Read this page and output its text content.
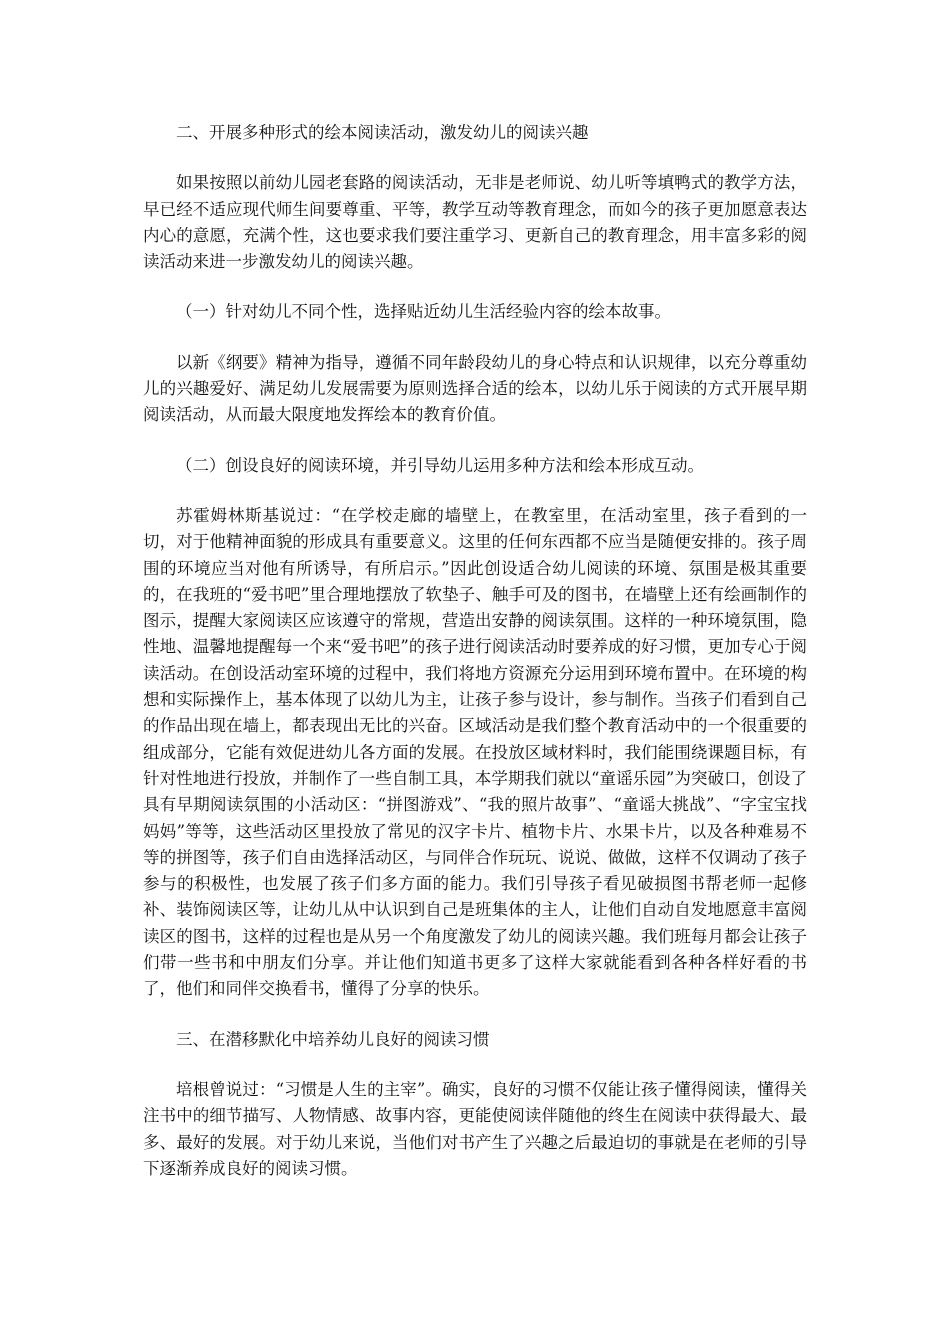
二、开展多种形式的绘本阅读活动，激发幼儿的阅读兴趣

如果按照以前幼儿园老套路的阅读活动，无非是老师说、幼儿听等填鸭式的教学方法，早已经不适应现代师生间要尊重、平等，教学互动等教育理念，而如今的孩子更加愿意表达内心的意愿，充满个性，这也要求我们要注重学习、更新自己的教育理念，用丰富多彩的阅读活动来进一步激发幼儿的阅读兴趣。

（一）针对幼儿不同个性，选择贴近幼儿生活经验内容的绘本故事。

以新《纲要》精神为指导，遵循不同年龄段幼儿的身心特点和认识规律，以充分尊重幼儿的兴趣爱好、满足幼儿发展需要为原则选择合适的绘本，以幼儿乐于阅读的方式开展早期阅读活动，从而最大限度地发挥绘本的教育价值。

（二）创设良好的阅读环境，并引导幼儿运用多种方法和绘本形成互动。

苏霍姆林斯基说过：“在学校走廊的墙壁上，在教室里，在活动室里，孩子看到的一切，对于他精神面貌的形成具有重要意义。这里的任何东西都不应当是随便安排的。孩子周围的环境应当对他有所诱导，有所启示。”因此创设适合幼儿阅读的环境、氛围是极其重要的，在我班的“爱书吧”里合理地摆放了软垫子、触手可及的图书，在墙壁上还有绘画制作的图示，提醒大家阅读区应该遵守的常规，营造出安静的阅读氛围。这样的一种环境氛围，隐性地、温馨地提醒每一个来“爱书吧”的孩子进行阅读活动时要养成的好习惯，更加专心于阅读活动。在创设活动室环境的过程中，我们将地方资源充分运用到环境布置中。在环境的构想和实际操作上，基本体现了以幼儿为主，让孩子参与设计，参与制作。当孩子们看到自己的作品出现在墙上，都表现出无比的兴奋。区域活动是我们整个教育活动中的一个很重要的组成部分，它能有效促进幼儿各方面的发展。在投放区域材料时，我们能围绕课题目标，有针对性地进行投放，并制作了一些自制工具，本学期我们就以“童谣乐园”为突破口，创设了具有早期阅读氛围的小活动区：“拼图游戏”、“我的照片故事”、“童谣大挑战”、“字宝宝找妈妈”等等，这些活动区里投放了常见的汉字卡片、植物卡片、水果卡片，以及各种难易不等的拼图等，孩子们自由选择活动区，与同伴合作玩玩、说说、做做，这样不仅调动了孩子参与的积极性，也发展了孩子们多方面的能力。我们引导孩子看见破损图书帮老师一起修补、装饰阅读区等，让幼儿从中认识到自己是班集体的主人，让他们自动自发地愿意丰富阅读区的图书，这样的过程也是从另一个角度激发了幼儿的阅读兴趣。我们班每月都会让孩子们带一些书和中朋友们分享。并让他们知道书更多了这样大家就能看到各种各样好看的书了，他们和同伴交换看书，懂得了分享的快乐。

三、在潜移默化中培养幼儿良好的阅读习惯

培根曾说过：“习惯是人生的主宰”。确实，良好的习惯不仅能让孩子懂得阅读，懂得关注书中的细节描写、人物情感、故事内容，更能使阅读伴随他的终生在阅读中获得最大、最多、最好的发展。对于幼儿来说，当他们对书产生了兴趣之后最迫切的事就是在老师的引导下逐渐养成良好的阅读习惯。
